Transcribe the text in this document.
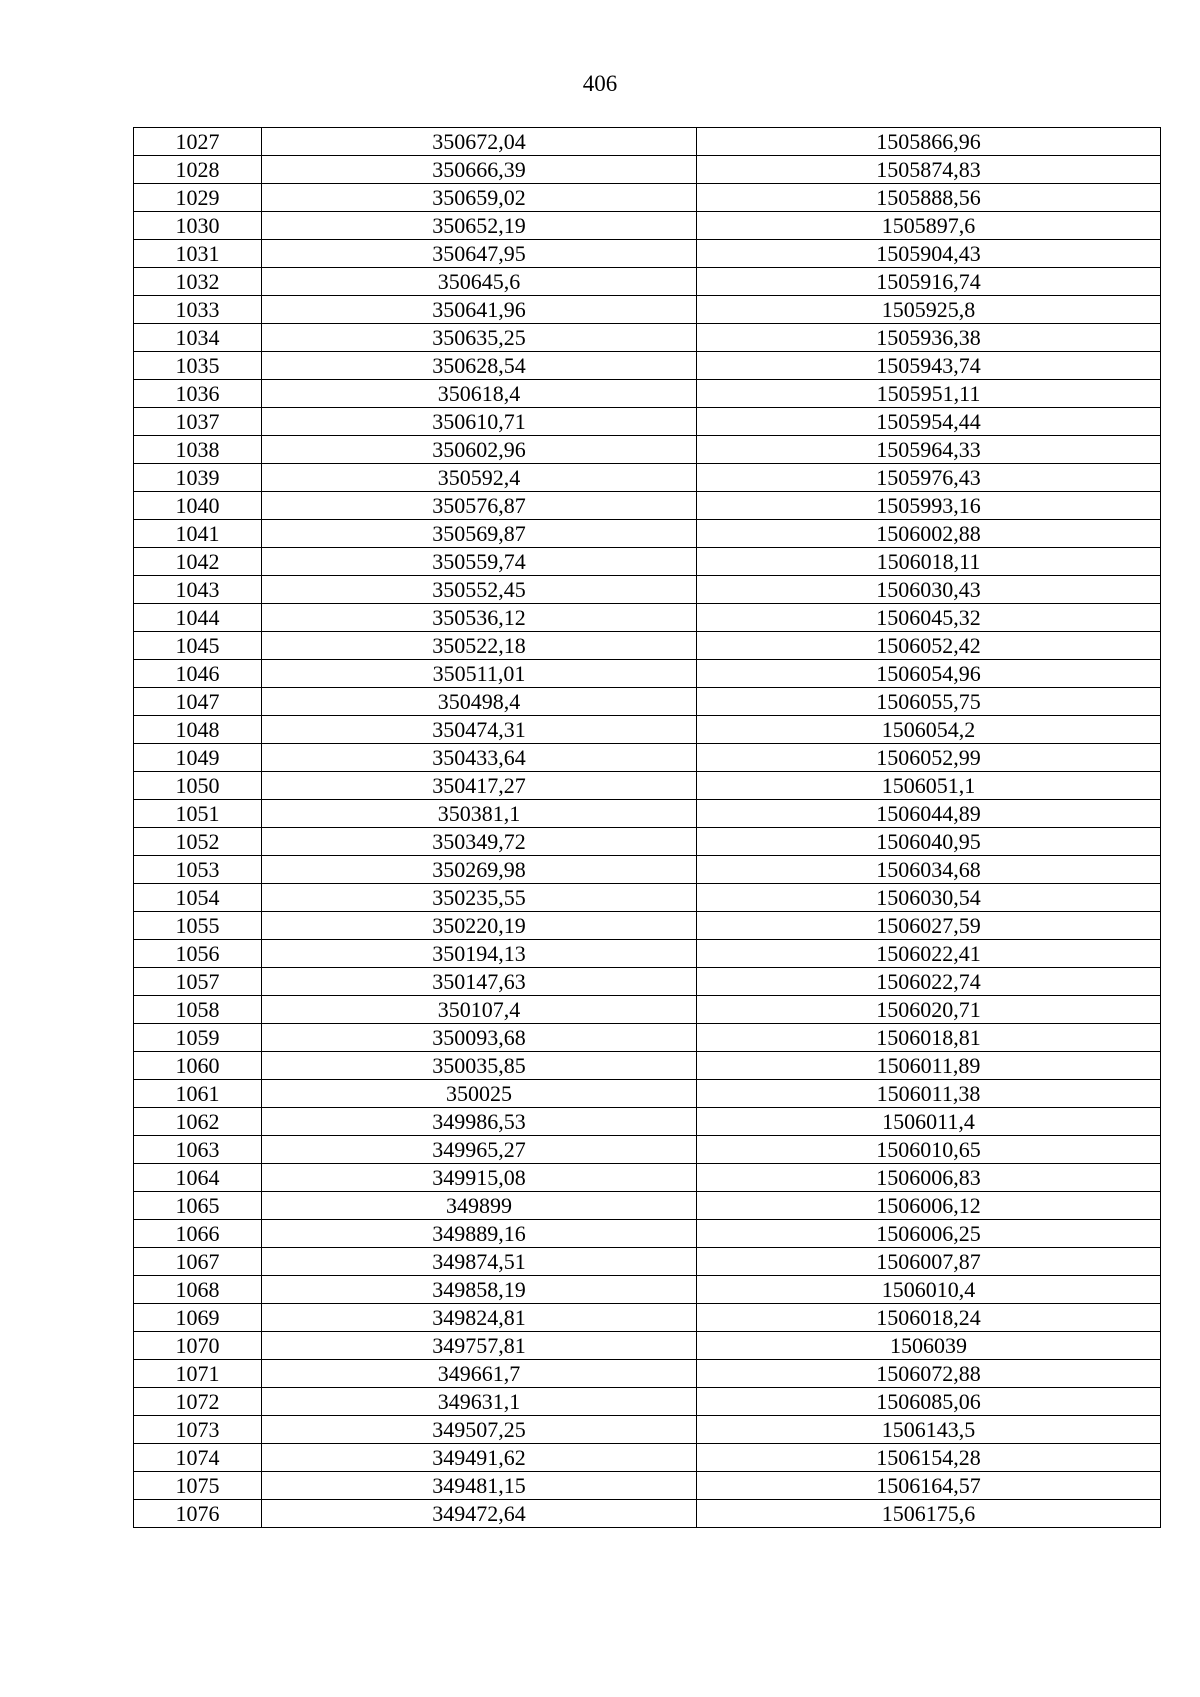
406
1027	350672,04	1505866,96
1028	350666,39	1505874,83
1029	350659,02	1505888,56
1030	350652,19	1505897,6
1031	350647,95	1505904,43
1032	350645,6	1505916,74
1033	350641,96	1505925,8
1034	350635,25	1505936,38
1035	350628,54	1505943,74
1036	350618,4	1505951,11
1037	350610,71	1505954,44
1038	350602,96	1505964,33
1039	350592,4	1505976,43
1040	350576,87	1505993,16
1041	350569,87	1506002,88
1042	350559,74	1506018,11
1043	350552,45	1506030,43
1044	350536,12	1506045,32
1045	350522,18	1506052,42
1046	350511,01	1506054,96
1047	350498,4	1506055,75
1048	350474,31	1506054,2
1049	350433,64	1506052,99
1050	350417,27	1506051,1
1051	350381,1	1506044,89
1052	350349,72	1506040,95
1053	350269,98	1506034,68
1054	350235,55	1506030,54
1055	350220,19	1506027,59
1056	350194,13	1506022,41
1057	350147,63	1506022,74
1058	350107,4	1506020,71
1059	350093,68	1506018,81
1060	350035,85	1506011,89
1061	350025	1506011,38
1062	349986,53	1506011,4
1063	349965,27	1506010,65
1064	349915,08	1506006,83
1065	349899	1506006,12
1066	349889,16	1506006,25
1067	349874,51	1506007,87
1068	349858,19	1506010,4
1069	349824,81	1506018,24
1070	349757,81	1506039
1071	349661,7	1506072,88
1072	349631,1	1506085,06
1073	349507,25	1506143,5
1074	349491,62	1506154,28
1075	349481,15	1506164,57
1076	349472,64	1506175,6
